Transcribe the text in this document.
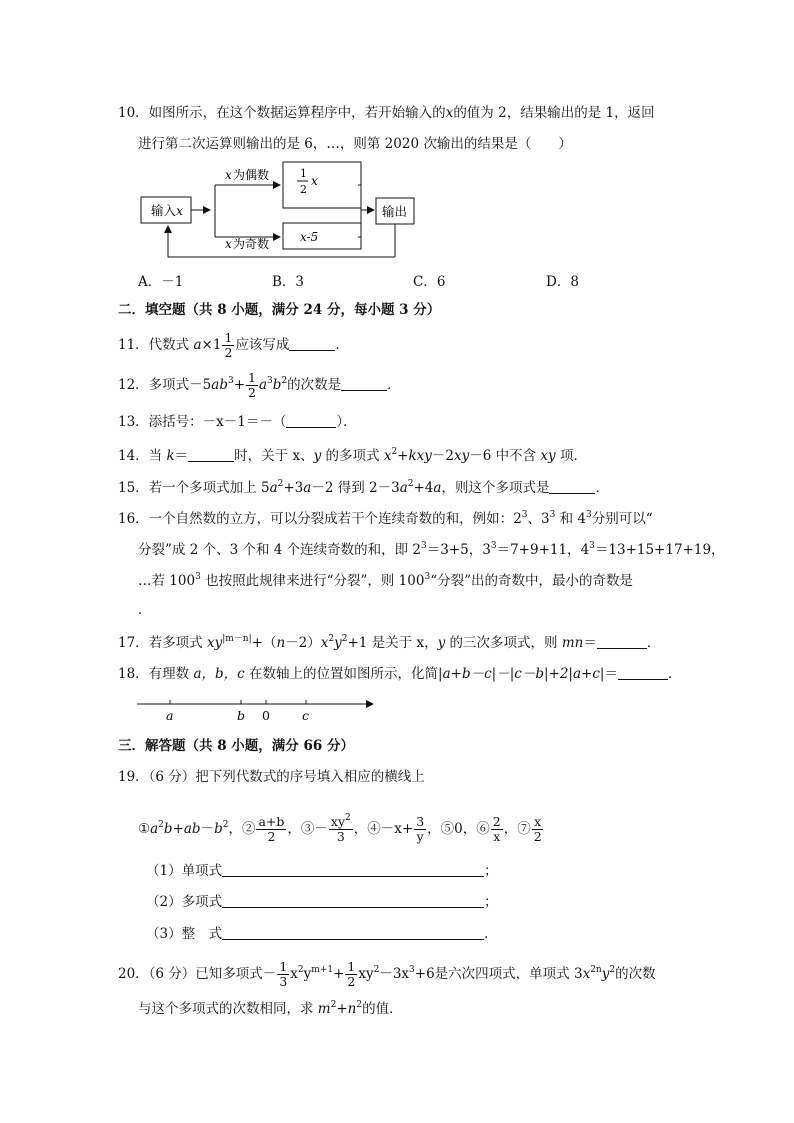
10．如图所示，在这个数据运算程序中，若开始输入的x的值为 2，结果输出的是 1，返回
进行第二次运算则输出的是 6，…，则第 2020 次输出的结果是（　　）
输入 x
x 为偶数
x 为奇数
1
2
x
x-5
输出
A．－1	B．3	C．6	D．8
二．填空题（共 8 小题，满分 24 分，每小题 3 分）
11．代数式 $a\times 1 \frac{1}{2}$ 应该写成	．
12．多项式$-5ab^3+ \frac{1}{2} a^3b^2$的次数是	．
13．添括号：－x－1＝－（	）．
14．当 k＝	时，关于 x、y 的多项式 $x^2+kxy-2xy-6$ 中不含 xy 项．
15．若一个多项式加上 $5a^2+3a-2$ 得到 $2-3a^2+4a$，则这个多项式是	．
16．一个自然数的立方，可以分裂成若干个连续奇数的和，例如：$2^3$、$3^3$ 和 $4^3$分别可以“
分裂”成 2 个、3 个和 4 个连续奇数的和，即 $2^3=3+5$，$3^3=7+9+11$，$4^3=13+15+17+19$，
…若 $100^3$ 也按照此规律来进行“分裂”，则 $100^3“$分裂”出的奇数中，最小的奇数是
．
17．若多项式 $xy^{|m-n|}+(n-2)x^2y^2+1$ 是关于 x，y 的三次多项式，则 mn＝	．
18．有理数 a，b，c 在数轴上的位置如图所示，化简|a+b－c|－|c－b|+2|a+c|＝	．
a	b 0	c
三．解答题（共 8 小题，满分 66 分）
19．（6 分）把下列代数式的序号填入相应的横线上
$①a^2b+ab-b^2$，② $\frac{a+b}{2}$ ，③－ $\frac{xy^2}{3}$ ，④－x+ $\frac{3}{y}$ ，⑤0，⑥ $\frac{2}{x}$ ，⑦ $\frac{x}{2}$
（1）单项式	；
（2）多项式	；
（3）整　式	．
20．（6 分）已知多项式－ $\frac{1}{3} x^2y^{m+1}+ \frac{1}{2} xy^2-3x^3+6$是六次四项式，单项式 $3x^{2n}y^2$的次数
与这个多项式的次数相同，求 $m^2+n^2$的值．
